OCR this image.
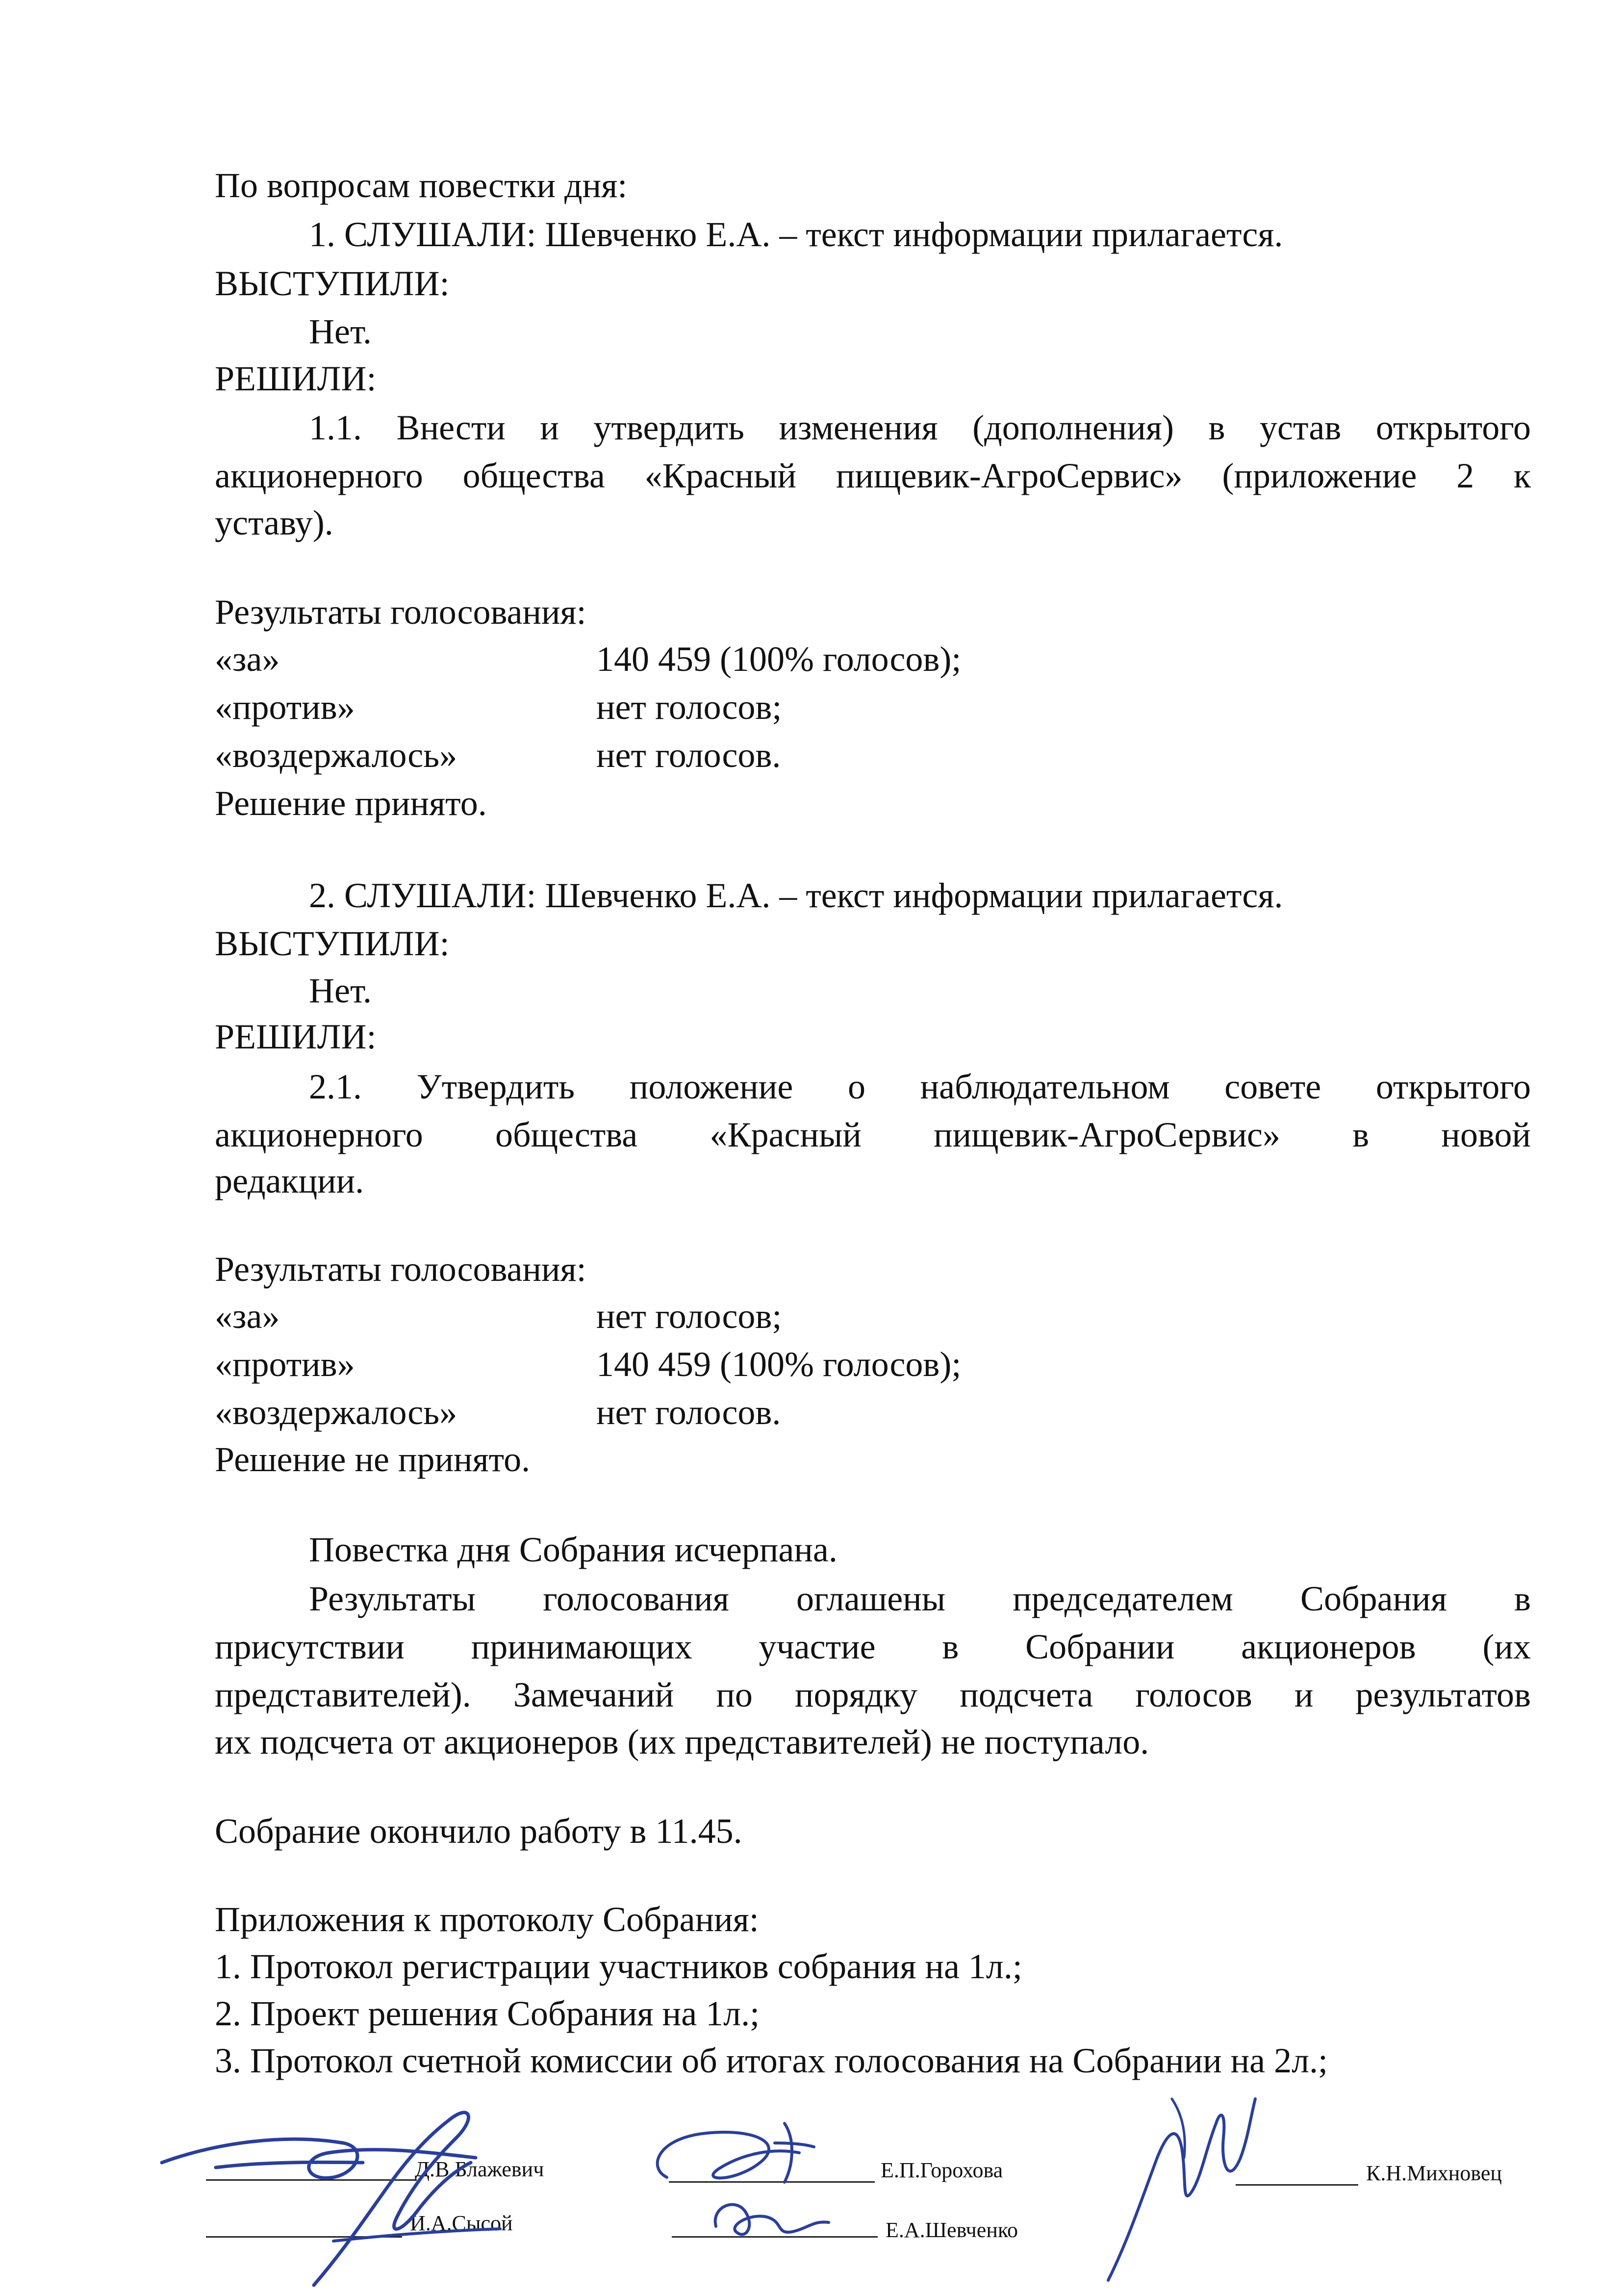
По вопросам повестки дня:
1. СЛУШАЛИ: Шевченко Е.А. – текст информации прилагается.
ВЫСТУПИЛИ:
Нет.
РЕШИЛИ:
1.1. Внести и утвердить изменения (дополнения) в устав открытого
акционерного общества «Красный пищевик-АгроСервис» (приложение 2 к
уставу).
Результаты голосования:
«за»	140 459 (100% голосов);
«против»	нет голосов;
«воздержалось»	нет голосов.
Решение принято.
2. СЛУШАЛИ: Шевченко Е.А. – текст информации прилагается.
ВЫСТУПИЛИ:
Нет.
РЕШИЛИ:
2.1. Утвердить положение о наблюдательном совете открытого
акционерного общества «Красный пищевик-АгроСервис» в новой
редакции.
Результаты голосования:
«за»	нет голосов;
«против»	140 459 (100% голосов);
«воздержалось»	нет голосов.
Решение не принято.
Повестка дня Собрания исчерпана.
Результаты голосования оглашены председателем Собрания в
присутствии принимающих участие в Собрании акционеров (их
представителей). Замечаний по порядку подсчета голосов и результатов
их подсчета от акционеров (их представителей) не поступало.
Собрание окончило работу в 11.45.
Приложения к протоколу Собрания:
1. Протокол регистрации участников собрания на 1л.;
2. Проект решения Собрания на 1л.;
3. Протокол счетной комиссии об итогах голосования на Собрании на 2л.;
Д.В.Блажевич
И.А.Сысой
Е.П.Горохова
Е.А.Шевченко
К.Н.Михновец
